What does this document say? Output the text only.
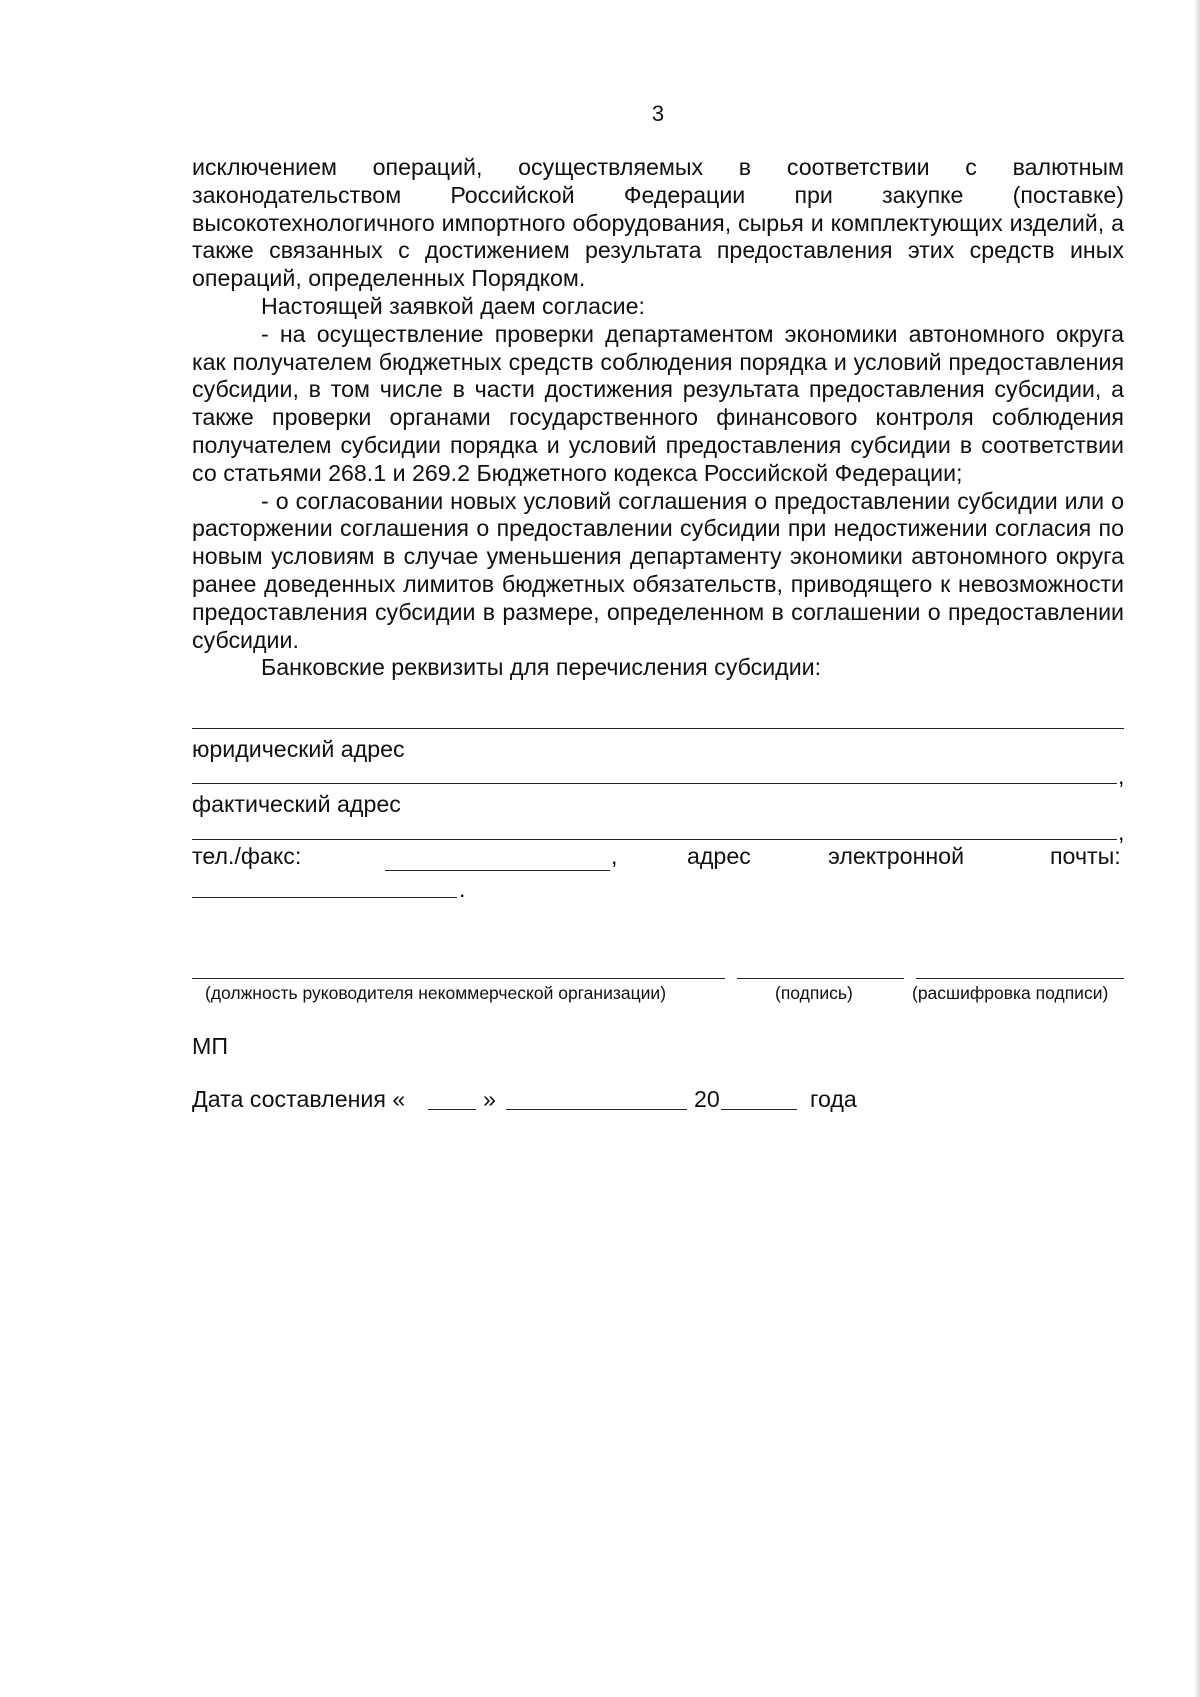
3

исключением операций, осуществляемых в соответствии с валютным законодательством Российской Федерации при закупке (поставке) высокотехнологичного импортного оборудования, сырья и комплектующих изделий, а также связанных с достижением результата предоставления этих средств иных операций, определенных Порядком.

Настоящей заявкой даем согласие:

- на осуществление проверки департаментом экономики автономного округа как получателем бюджетных средств соблюдения порядка и условий предоставления субсидии, в том числе в части достижения результата предоставления субсидии, а также проверки органами государственного финансового контроля соблюдения получателем субсидии порядка и условий предоставления субсидии в соответствии со статьями 268.1 и 269.2 Бюджетного кодекса Российской Федерации;

- о согласовании новых условий соглашения о предоставлении субсидии или о расторжении соглашения о предоставлении субсидии при недостижении согласия по новым условиям в случае уменьшения департаменту экономики автономного округа ранее доведенных лимитов бюджетных обязательств, приводящего к невозможности предоставления субсидии в размере, определенном в соглашении о предоставлении субсидии.

Банковские реквизиты для перечисления субсидии:

юридический адрес
,
фактический адрес
,
тел./факс:	адрес	электронной	почты:
,
.
(должность руководителя некоммерческой организации)	(подпись)	(расшифровка подписи)
МП
Дата составления «	»	20	года
